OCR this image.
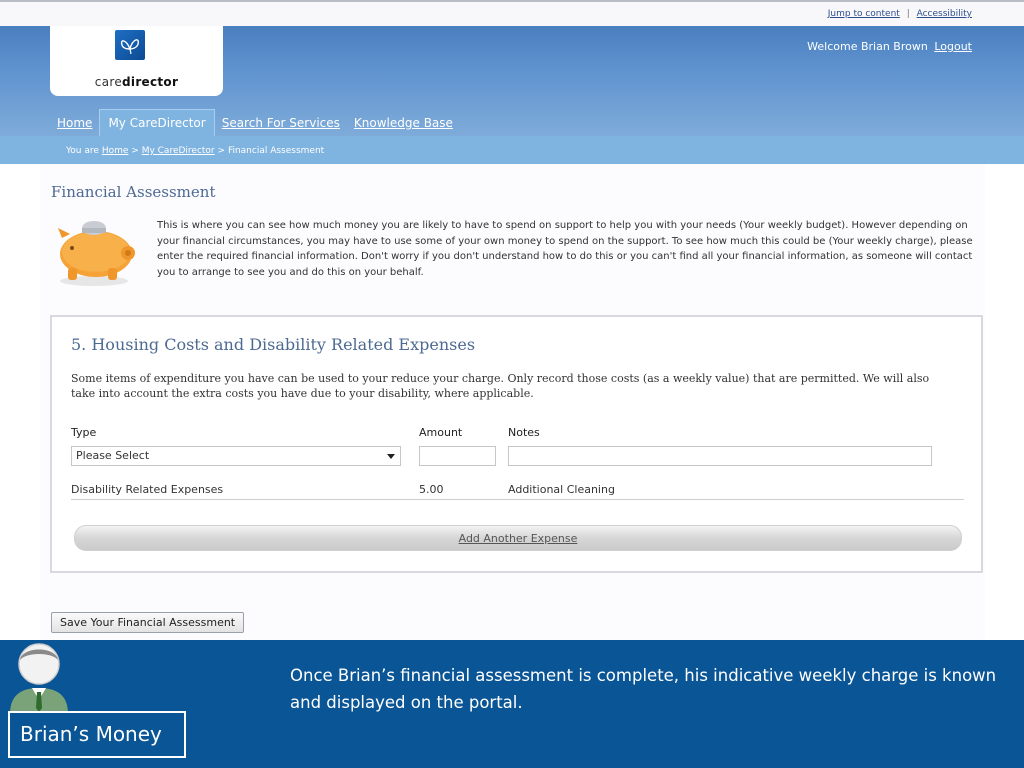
Jump to content | Accessibility
caredirector
Welcome Brian Brown Logout
Home	My CareDirector	Search For Services	Knowledge Base
You are Home > My CareDirector > Financial Assessment
Financial Assessment
This is where you can see how much money you are likely to have to spend on support to help you with your needs (Your weekly budget). However depending on your financial circumstances, you may have to use some of your own money to spend on the support. To see how much this could be (Your weekly charge), please enter the required financial information. Don't worry if you don't understand how to do this or you can't find all your financial information, as someone will contact you to arrange to see you and do this on your behalf.
5. Housing Costs and Disability Related Expenses
Some items of expenditure you have can be used to your reduce your charge. Only record those costs (as a weekly value) that are permitted. We will also take into account the extra costs you have due to your disability, where applicable.
Type	Amount	Notes
Please Select
Disability Related Expenses	5.00	Additional Cleaning
Add Another Expense
Save Your Financial Assessment
Brian’s Money
Once Brian’s financial assessment is complete, his indicative weekly charge is known and displayed on the portal.
